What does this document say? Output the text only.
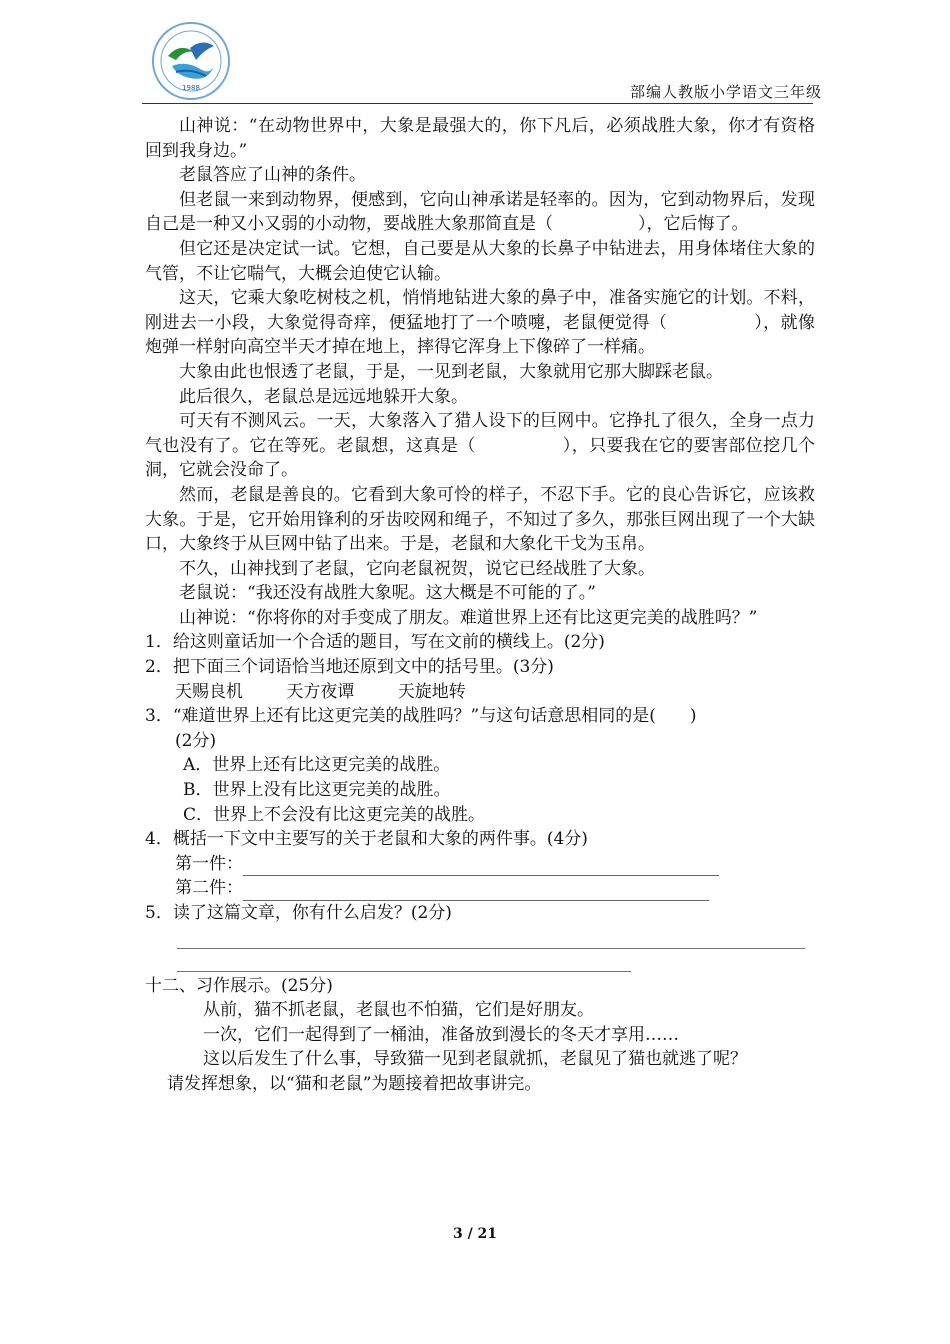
1988	部编人教版小学语文三年级

山神说：“在动物世界中，大象是最强大的，你下凡后，必须战胜大象，你才有资格回到我身边。”

老鼠答应了山神的条件。

但老鼠一来到动物界，便感到，它向山神承诺是轻率的。因为，它到动物界后，发现自己是一种又小又弱的小动物，要战胜大象那简直是（　　　　　），它后悔了。

但它还是决定试一试。它想，自己要是从大象的长鼻子中钻进去，用身体堵住大象的气管，不让它喘气，大概会迫使它认输。

这天，它乘大象吃树枝之机，悄悄地钻进大象的鼻子中，准备实施它的计划。不料，刚进去一小段，大象觉得奇痒，便猛地打了一个喷嚏，老鼠便觉得（　　　　　），就像炮弹一样射向高空半天才掉在地上，摔得它浑身上下像碎了一样痛。

大象由此也恨透了老鼠，于是，一见到老鼠，大象就用它那大脚踩老鼠。

此后很久，老鼠总是远远地躲开大象。

可天有不测风云。一天，大象落入了猎人设下的巨网中。它挣扎了很久，全身一点力气也没有了。它在等死。老鼠想，这真是（　　　　　），只要我在它的要害部位挖几个洞，它就会没命了。

然而，老鼠是善良的。它看到大象可怜的样子，不忍下手。它的良心告诉它，应该救大象。于是，它开始用锋利的牙齿咬网和绳子，不知过了多久，那张巨网出现了一个大缺口，大象终于从巨网中钻了出来。于是，老鼠和大象化干戈为玉帛。

不久，山神找到了老鼠，它向老鼠祝贺，说它已经战胜了大象。

老鼠说：“我还没有战胜大象呢。这大概是不可能的了。”

山神说：“你将你的对手变成了朋友。难道世界上还有比这更完美的战胜吗？”

1．给这则童话加一个合适的题目，写在文前的横线上。(2分)

2．把下面三个词语恰当地还原到文中的括号里。(3分)

天赐良机	天方夜谭	天旋地转

3．“难道世界上还有比这更完美的战胜吗？”与这句话意思相同的是(　　)

(2分)

A．世界上还有比这更完美的战胜。

B．世界上没有比这更完美的战胜。

C．世界上不会没有比这更完美的战胜。

4．概括一下文中主要写的关于老鼠和大象的两件事。(4分)

第一件：

第二件：

5．读了这篇文章，你有什么启发？(2分)

十二、习作展示。(25分)

从前，猫不抓老鼠，老鼠也不怕猫，它们是好朋友。

一次，它们一起得到了一桶油，准备放到漫长的冬天才享用……

这以后发生了什么事，导致猫一见到老鼠就抓，老鼠见了猫也就逃了呢？

请发挥想象，以“猫和老鼠”为题接着把故事讲完。

3 / 21
